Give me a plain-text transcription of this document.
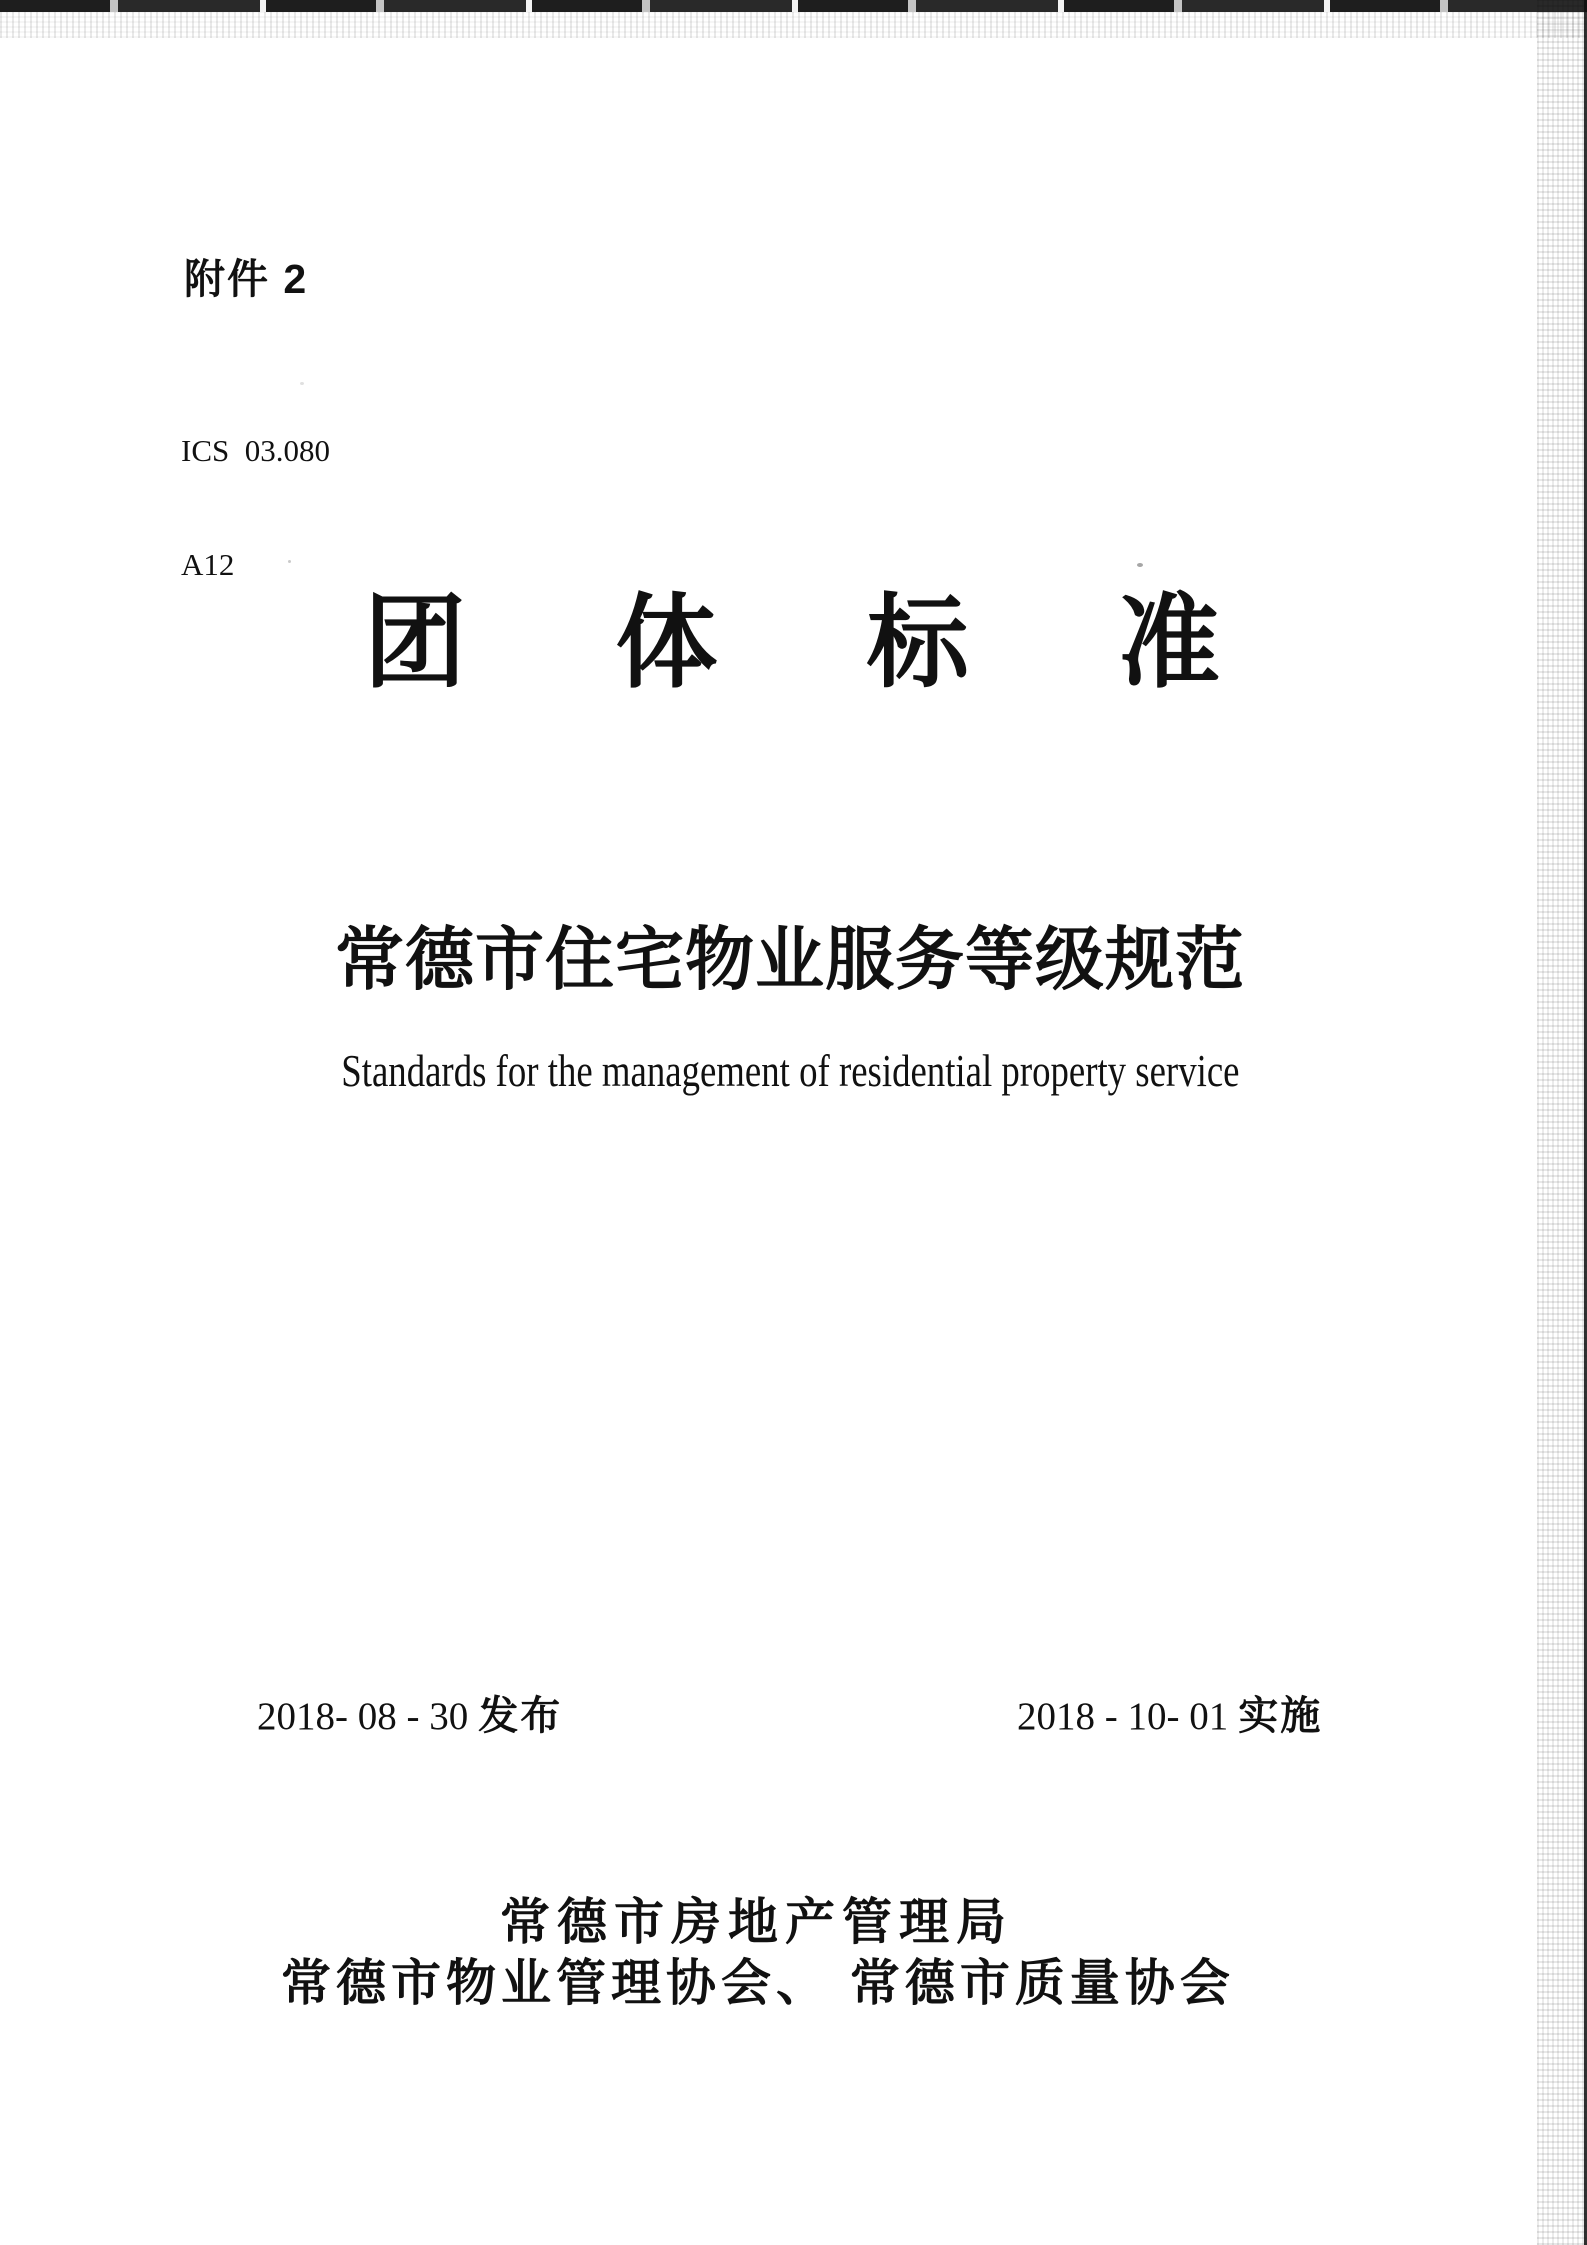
附件 2

ICS  03.080

A12

团 体 标 准
常德市住宅物业服务等级规范
Standards for the management of residential property service
2018- 08 - 30 发布	2018 - 10- 01 实施
常德市房地产管理局
常德市物业管理协会、 常德市质量协会
